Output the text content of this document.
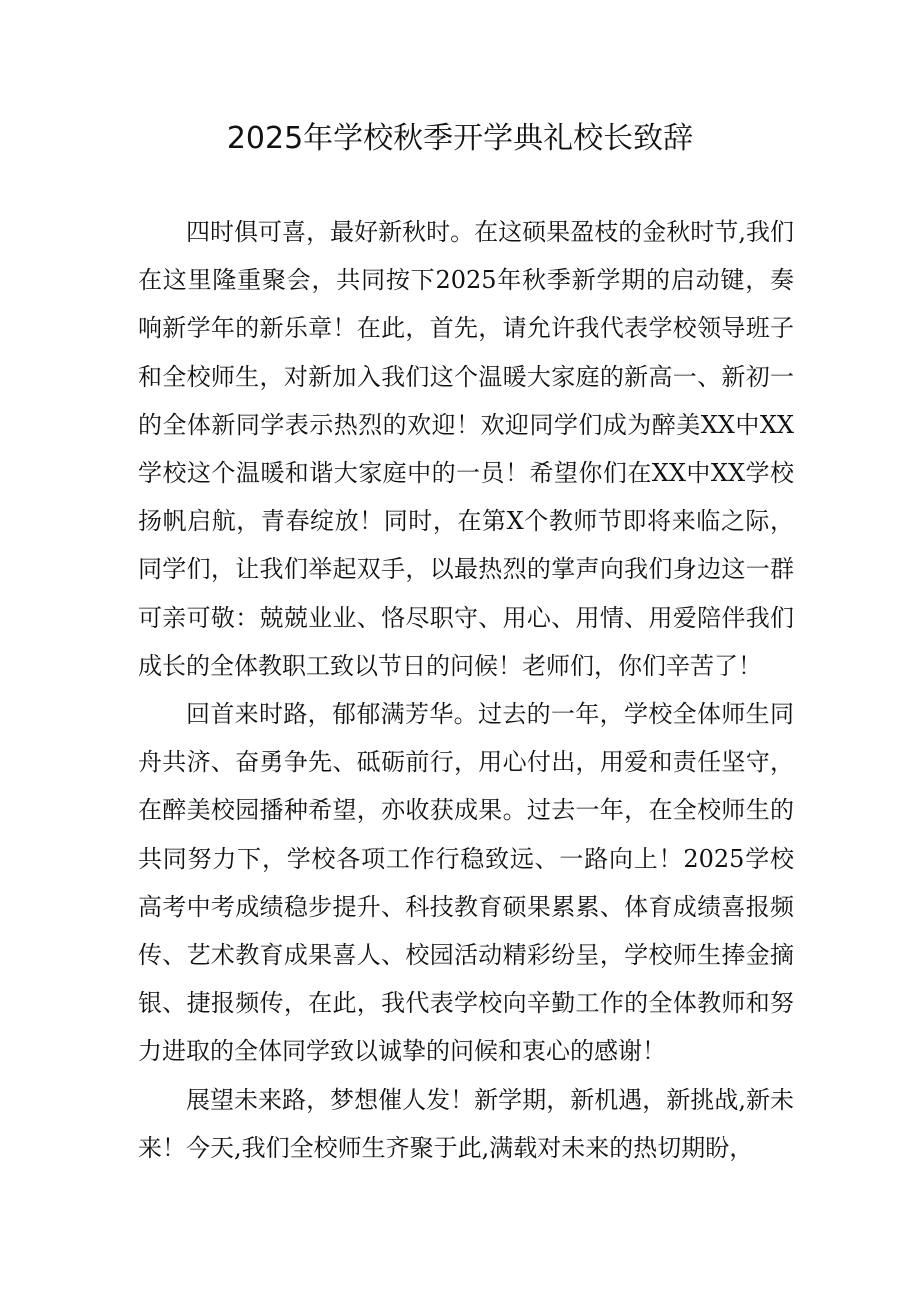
2025年学校秋季开学典礼校长致辞

四时俱可喜，最好新秋时。在这硕果盈枝的金秋时节,我们在这里隆重聚会，共同按下2025年秋季新学期的启动键，奏响新学年的新乐章！在此，首先，请允许我代表学校领导班子和全校师生，对新加入我们这个温暖大家庭的新高一、新初一的全体新同学表示热烈的欢迎！欢迎同学们成为醉美XX中XX学校这个温暖和谐大家庭中的一员！希望你们在XX中XX学校扬帆启航，青春绽放！同时，在第X个教师节即将来临之际，同学们，让我们举起双手，以最热烈的掌声向我们身边这一群可亲可敬：兢兢业业、恪尽职守、用心、用情、用爱陪伴我们成长的全体教职工致以节日的问候！老师们，你们辛苦了！

回首来时路，郁郁满芳华。过去的一年，学校全体师生同舟共济、奋勇争先、砥砺前行，用心付出，用爱和责任坚守，在醉美校园播种希望，亦收获成果。过去一年，在全校师生的共同努力下，学校各项工作行稳致远、一路向上！2025学校高考中考成绩稳步提升、科技教育硕果累累、体育成绩喜报频传、艺术教育成果喜人、校园活动精彩纷呈，学校师生捧金摘银、捷报频传，在此，我代表学校向辛勤工作的全体教师和努力进取的全体同学致以诚挚的问候和衷心的感谢！

展望未来路，梦想催人发！新学期，新机遇，新挑战,新未来！今天,我们全校师生齐聚于此,满载对未来的热切期盼，
